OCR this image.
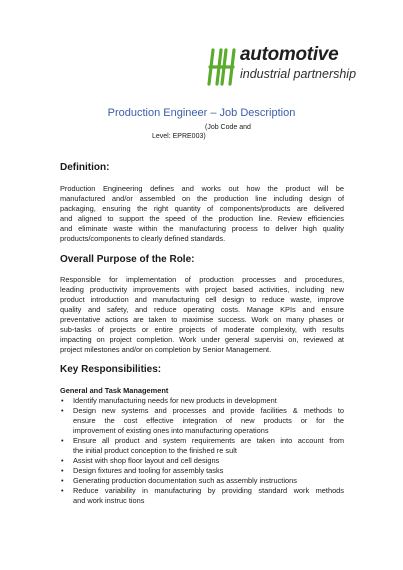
automotive
industrial partnership
Production Engineer – Job Description
(Job Code and
Level: EPRE003)
Definition:
Production Engineering defines and works out how the product will be
manufactured and/or assembled on the production line including design of
packaging, ensuring the right quantity of components/products are delivered
and aligned to support the speed of the production line. Review efficiencies
and eliminate waste within the manufacturing process to deliver high quality
products/components to clearly defined standards.
Overall Purpose of the Role:
Responsible for implementation of production processes and procedures,
leading productivity improvements with project based activities, including new
product introduction and manufacturing cell design to reduce waste, improve
quality and safety, and reduce operating costs. Manage KPIs and ensure
preventative actions are taken to maximise success. Work on many phases or
sub-tasks of projects or entire projects of moderate complexity, with results
impacting on project completion. Work under general supervisi on, reviewed at
project milestones and/or on completion by Senior Management.
Key Responsibilities:
General and Task Management
• Identify manufacturing needs for new products in development
• Design new systems and processes and provide facilities & methods to
ensure the cost effective integration of new products or for the
improvement of existing ones into manufacturing operations
• Ensure all product and system requirements are taken into account from
the initial product conception to the finished re sult
• Assist with shop floor layout and cell designs
• Design fixtures and tooling for assembly tasks
• Generating production documentation such as assembly instructions
• Reduce variability in manufacturing by providing standard work methods
and work instruc tions
